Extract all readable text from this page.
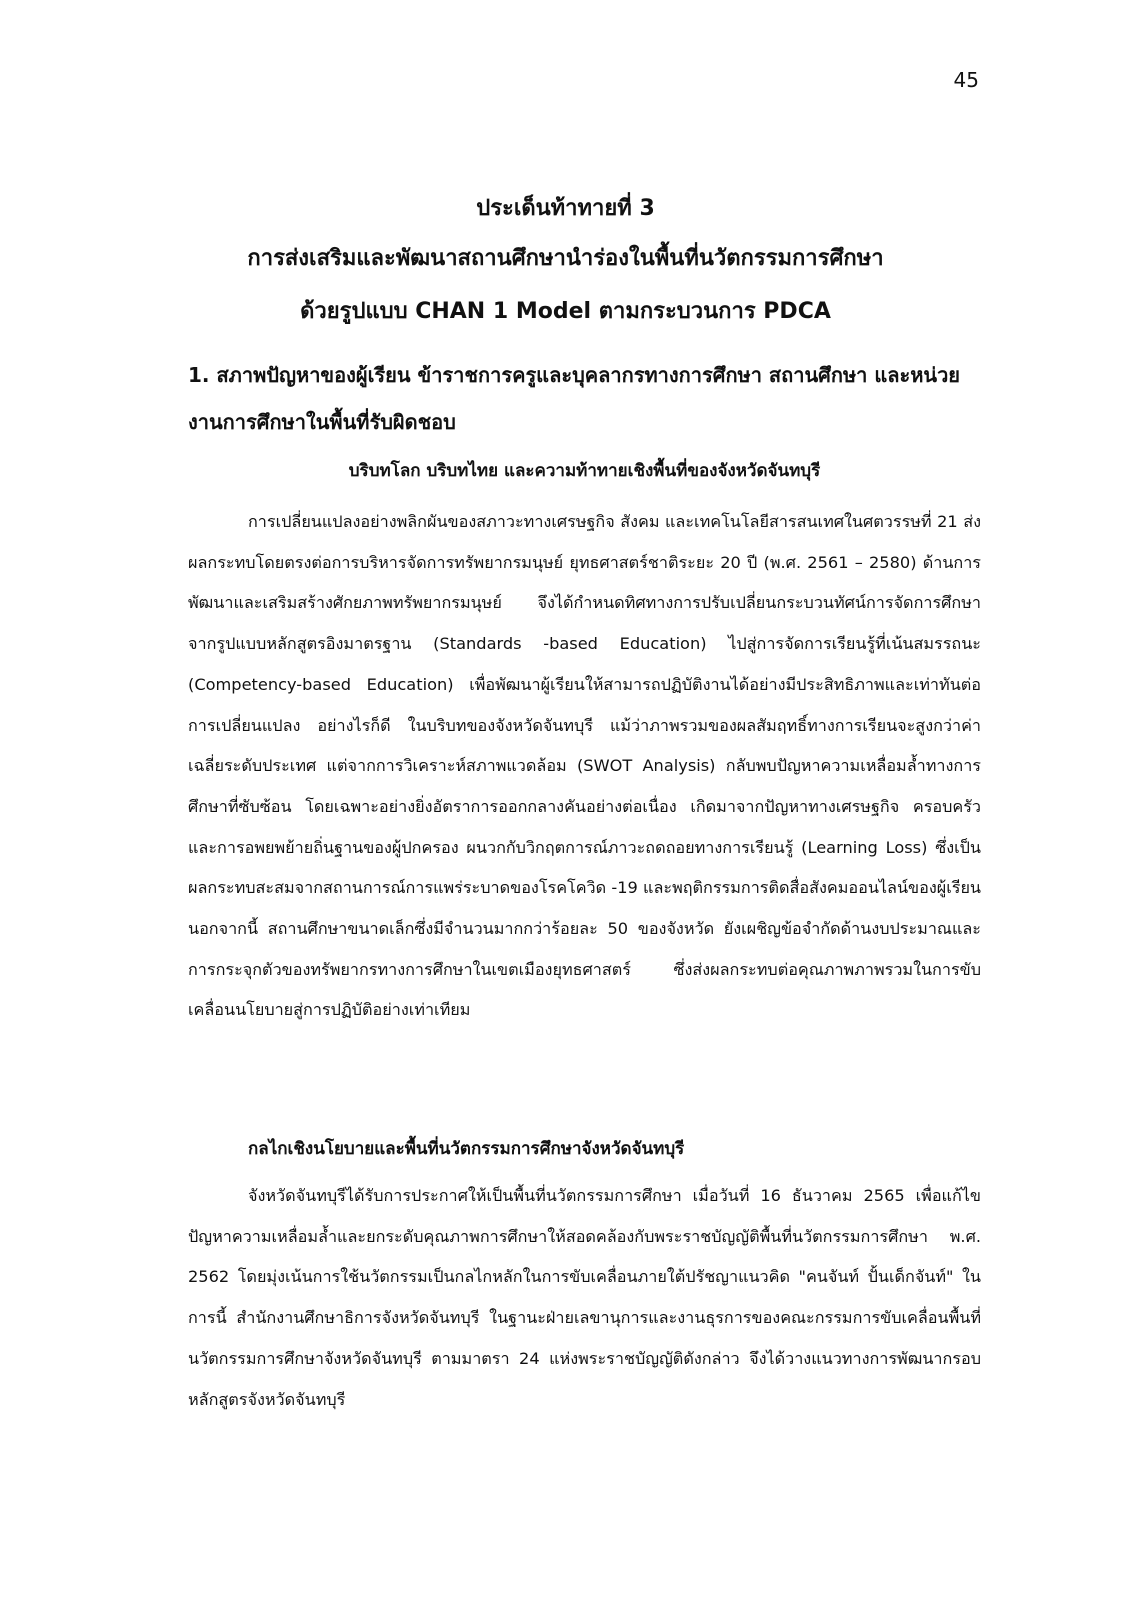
45
ประเด็นท้าทายที่ 3
การส่งเสริมและพัฒนาสถานศึกษานำร่องในพื้นที่นวัตกรรมการศึกษา
ด้วยรูปแบบ CHAN 1 Model ตามกระบวนการ PDCA
1. สภาพปัญหาของผู้เรียน ข้าราชการครูและบุคลากรทางการศึกษา สถานศึกษา และหน่วยงานการศึกษาในพื้นที่รับผิดชอบ
บริบทโลก บริบทไทย และความท้าทายเชิงพื้นที่ของจังหวัดจันทบุรี
การเปลี่ยนแปลงอย่างพลิกผันของสภาวะทางเศรษฐกิจ สังคม และเทคโนโลยีสารสนเทศในศตวรรษที่ 21 ส่งผลกระทบโดยตรงต่อการบริหารจัดการทรัพยากรมนุษย์ ยุทธศาสตร์ชาติระยะ 20 ปี (พ.ศ. 2561 – 2580) ด้านการพัฒนาและเสริมสร้างศักยภาพทรัพยากรมนุษย์ จึงได้กำหนดทิศทางการปรับเปลี่ยนกระบวนทัศน์การจัดการศึกษา จากรูปแบบหลักสูตรอิงมาตรฐาน (Standards -based Education) ไปสู่การจัดการเรียนรู้ที่เน้นสมรรถนะ (Competency-based Education) เพื่อพัฒนาผู้เรียนให้สามารถปฏิบัติงานได้อย่างมีประสิทธิภาพและเท่าทันต่อการเปลี่ยนแปลง อย่างไรก็ดี ในบริบทของจังหวัดจันทบุรี แม้ว่าภาพรวมของผลสัมฤทธิ์ทางการเรียนจะสูงกว่าค่าเฉลี่ยระดับประเทศ แต่จากการวิเคราะห์สภาพแวดล้อม (SWOT Analysis) กลับพบปัญหาความเหลื่อมล้ำทางการศึกษาที่ซับซ้อน โดยเฉพาะอย่างยิ่งอัตราการออกกลางคันอย่างต่อเนื่อง เกิดมาจากปัญหาทางเศรษฐกิจ ครอบครัว และการอพยพย้ายถิ่นฐานของผู้ปกครอง ผนวกกับวิกฤตการณ์ภาวะถดถอยทางการเรียนรู้ (Learning Loss) ซึ่งเป็นผลกระทบสะสมจากสถานการณ์การแพร่ระบาดของโรคโควิด -19 และพฤติกรรมการติดสื่อสังคมออนไลน์ของผู้เรียน นอกจากนี้ สถานศึกษาขนาดเล็กซึ่งมีจำนวนมากกว่าร้อยละ 50 ของจังหวัด ยังเผชิญข้อจำกัดด้านงบประมาณและการกระจุกตัวของทรัพยากรทางการศึกษาในเขตเมืองยุทธศาสตร์ ซึ่งส่งผลกระทบต่อคุณภาพภาพรวมในการขับเคลื่อนนโยบายสู่การปฏิบัติอย่างเท่าเทียม
กลไกเชิงนโยบายและพื้นที่นวัตกรรมการศึกษาจังหวัดจันทบุรี
จังหวัดจันทบุรีได้รับการประกาศให้เป็นพื้นที่นวัตกรรมการศึกษา เมื่อวันที่ 16 ธันวาคม 2565 เพื่อแก้ไขปัญหาความเหลื่อมล้ำและยกระดับคุณภาพการศึกษาให้สอดคล้องกับพระราชบัญญัติพื้นที่นวัตกรรมการศึกษา พ.ศ. 2562 โดยมุ่งเน้นการใช้นวัตกรรมเป็นกลไกหลักในการขับเคลื่อนภายใต้ปรัชญาแนวคิด "คนจันท์ ปั้นเด็กจันท์" ในการนี้ สำนักงานศึกษาธิการจังหวัดจันทบุรี ในฐานะฝ่ายเลขานุการและงานธุรการของคณะกรรมการขับเคลื่อนพื้นที่นวัตกรรมการศึกษาจังหวัดจันทบุรี ตามมาตรา 24 แห่งพระราชบัญญัติดังกล่าว จึงได้วางแนวทางการพัฒนากรอบหลักสูตรจังหวัดจันทบุรี
